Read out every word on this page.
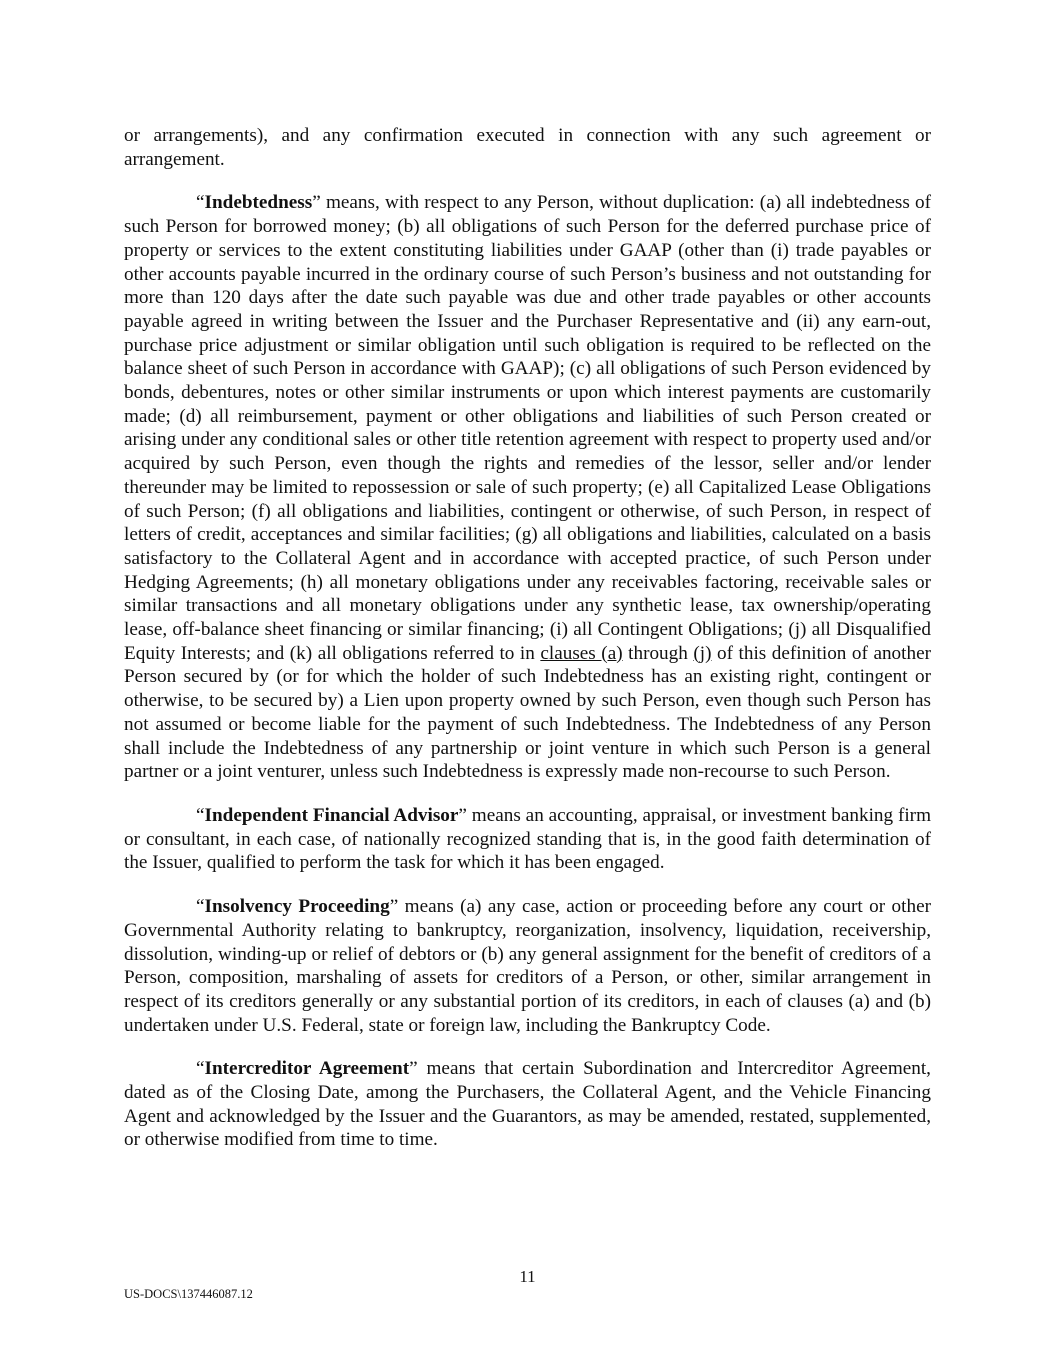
or arrangements), and any confirmation executed in connection with any such agreement or arrangement.

“Indebtedness” means, with respect to any Person, without duplication: (a) all indebtedness of such Person for borrowed money; (b) all obligations of such Person for the deferred purchase price of property or services to the extent constituting liabilities under GAAP (other than (i) trade payables or other accounts payable incurred in the ordinary course of such Person’s business and not outstanding for more than 120 days after the date such payable was due and other trade payables or other accounts payable agreed in writing between the Issuer and the Purchaser Representative and (ii) any earn-out, purchase price adjustment or similar obligation until such obligation is required to be reflected on the balance sheet of such Person in accordance with GAAP); (c) all obligations of such Person evidenced by bonds, debentures, notes or other similar instruments or upon which interest payments are customarily made; (d) all reimbursement, payment or other obligations and liabilities of such Person created or arising under any conditional sales or other title retention agreement with respect to property used and/or acquired by such Person, even though the rights and remedies of the lessor, seller and/or lender thereunder may be limited to repossession or sale of such property; (e) all Capitalized Lease Obligations of such Person; (f) all obligations and liabilities, contingent or otherwise, of such Person, in respect of letters of credit, acceptances and similar facilities; (g) all obligations and liabilities, calculated on a basis satisfactory to the Collateral Agent and in accordance with accepted practice, of such Person under Hedging Agreements; (h) all monetary obligations under any receivables factoring, receivable sales or similar transactions and all monetary obligations under any synthetic lease, tax ownership/operating lease, off-balance sheet financing or similar financing; (i) all Contingent Obligations; (j) all Disqualified Equity Interests; and (k) all obligations referred to in clauses (a) through (j) of this definition of another Person secured by (or for which the holder of such Indebtedness has an existing right, contingent or otherwise, to be secured by) a Lien upon property owned by such Person, even though such Person has not assumed or become liable for the payment of such Indebtedness. The Indebtedness of any Person shall include the Indebtedness of any partnership or joint venture in which such Person is a general partner or a joint venturer, unless such Indebtedness is expressly made non-recourse to such Person.

“Independent Financial Advisor” means an accounting, appraisal, or investment banking firm or consultant, in each case, of nationally recognized standing that is, in the good faith determination of the Issuer, qualified to perform the task for which it has been engaged.

“Insolvency Proceeding” means (a) any case, action or proceeding before any court or other Governmental Authority relating to bankruptcy, reorganization, insolvency, liquidation, receivership, dissolution, winding-up or relief of debtors or (b) any general assignment for the benefit of creditors of a Person, composition, marshaling of assets for creditors of a Person, or other, similar arrangement in respect of its creditors generally or any substantial portion of its creditors, in each of clauses (a) and (b) undertaken under U.S. Federal, state or foreign law, including the Bankruptcy Code.

“Intercreditor Agreement” means that certain Subordination and Intercreditor Agreement, dated as of the Closing Date, among the Purchasers, the Collateral Agent, and the Vehicle Financing Agent and acknowledged by the Issuer and the Guarantors, as may be amended, restated, supplemented, or otherwise modified from time to time.

11
US-DOCS\137446087.12
